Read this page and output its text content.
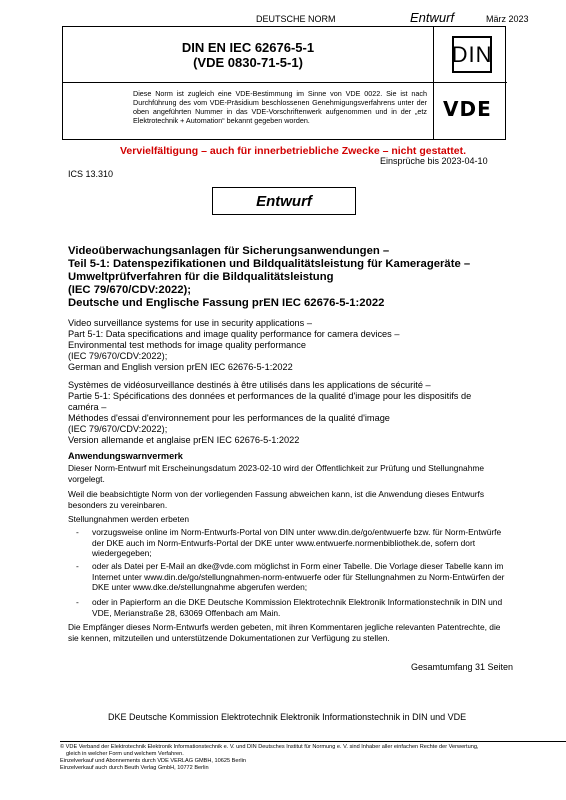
DEUTSCHE NORM	Entwurf	März 2023
DIN EN IEC 62676-5-1
(VDE 0830-71-5-1)
Diese Norm ist zugleich eine VDE-Bestimmung im Sinne von VDE 0022. Sie ist nach Durchführung des vom VDE-Präsidium beschlossenen Genehmigungsverfahrens unter der oben angeführten Nummer in das VDE-Vorschriftenwerk aufgenommen und in der „etz Elektrotechnik + Automation“ bekannt gegeben worden.
DIN
VDE
Vervielfältigung – auch für innerbetriebliche Zwecke – nicht gestattet.
Einsprüche bis 2023-04-10
ICS 13.310
Entwurf
Videoüberwachungsanlagen für Sicherungsanwendungen –
Teil 5-1: Datenspezifikationen und Bildqualitätsleistung für Kamerageräte –
Umweltprüfverfahren für die Bildqualitätsleistung
(IEC 79/670/CDV:2022);
Deutsche und Englische Fassung prEN IEC 62676-5-1:2022
Video surveillance systems for use in security applications –
Part 5-1: Data specifications and image quality performance for camera devices –
Environmental test methods for image quality performance
(IEC 79/670/CDV:2022);
German and English version prEN IEC 62676-5-1:2022
Systèmes de vidéosurveillance destinés à être utilisés dans les applications de sécurité –
Partie 5-1: Spécifications des données et performances de la qualité d'image pour les dispositifs de
caméra –
Méthodes d'essai d'environnement pour les performances de la qualité d'image
(IEC 79/670/CDV:2022);
Version allemande et anglaise prEN IEC 62676-5-1:2022
Anwendungswarnvermerk
Dieser Norm-Entwurf mit Erscheinungsdatum 2023-02-10 wird der Öffentlichkeit zur Prüfung und Stellungnahme vorgelegt.
Weil die beabsichtigte Norm von der vorliegenden Fassung abweichen kann, ist die Anwendung dieses Entwurfs besonders zu vereinbaren.
Stellungnahmen werden erbeten
- vorzugsweise online im Norm-Entwurfs-Portal von DIN unter www.din.de/go/entwuerfe bzw. für Norm-Entwürfe der DKE auch im Norm-Entwurfs-Portal der DKE unter www.entwuerfe.normenbibliothek.de, sofern dort wiedergegeben;
- oder als Datei per E-Mail an dke@vde.com möglichst in Form einer Tabelle. Die Vorlage dieser Tabelle kann im Internet unter www.din.de/go/stellungnahmen-norm-entwuerfe oder für Stellungnahmen zu Norm-Entwürfen der DKE unter www.dke.de/stellungnahme abgerufen werden;
- oder in Papierform an die DKE Deutsche Kommission Elektrotechnik Elektronik Informationstechnik in DIN und VDE, Merianstraße 28, 63069 Offenbach am Main.
Die Empfänger dieses Norm-Entwurfs werden gebeten, mit ihren Kommentaren jegliche relevanten Patentrechte, die sie kennen, mitzuteilen und unterstützende Dokumentationen zur Verfügung zu stellen.
Gesamtumfang 31 Seiten
DKE Deutsche Kommission Elektrotechnik Elektronik Informationstechnik in DIN und VDE
© VDE Verband der Elektrotechnik Elektronik Informationstechnik e. V. und DIN Deutsches Institut für Normung e. V. sind Inhaber aller einfachen Rechte der Verwertung,
gleich in welcher Form und welchem Verfahren.
Einzelverkauf und Abonnements durch VDE VERLAG GMBH, 10625 Berlin
Einzelverkauf auch durch Beuth Verlag GmbH, 10772 Berlin
